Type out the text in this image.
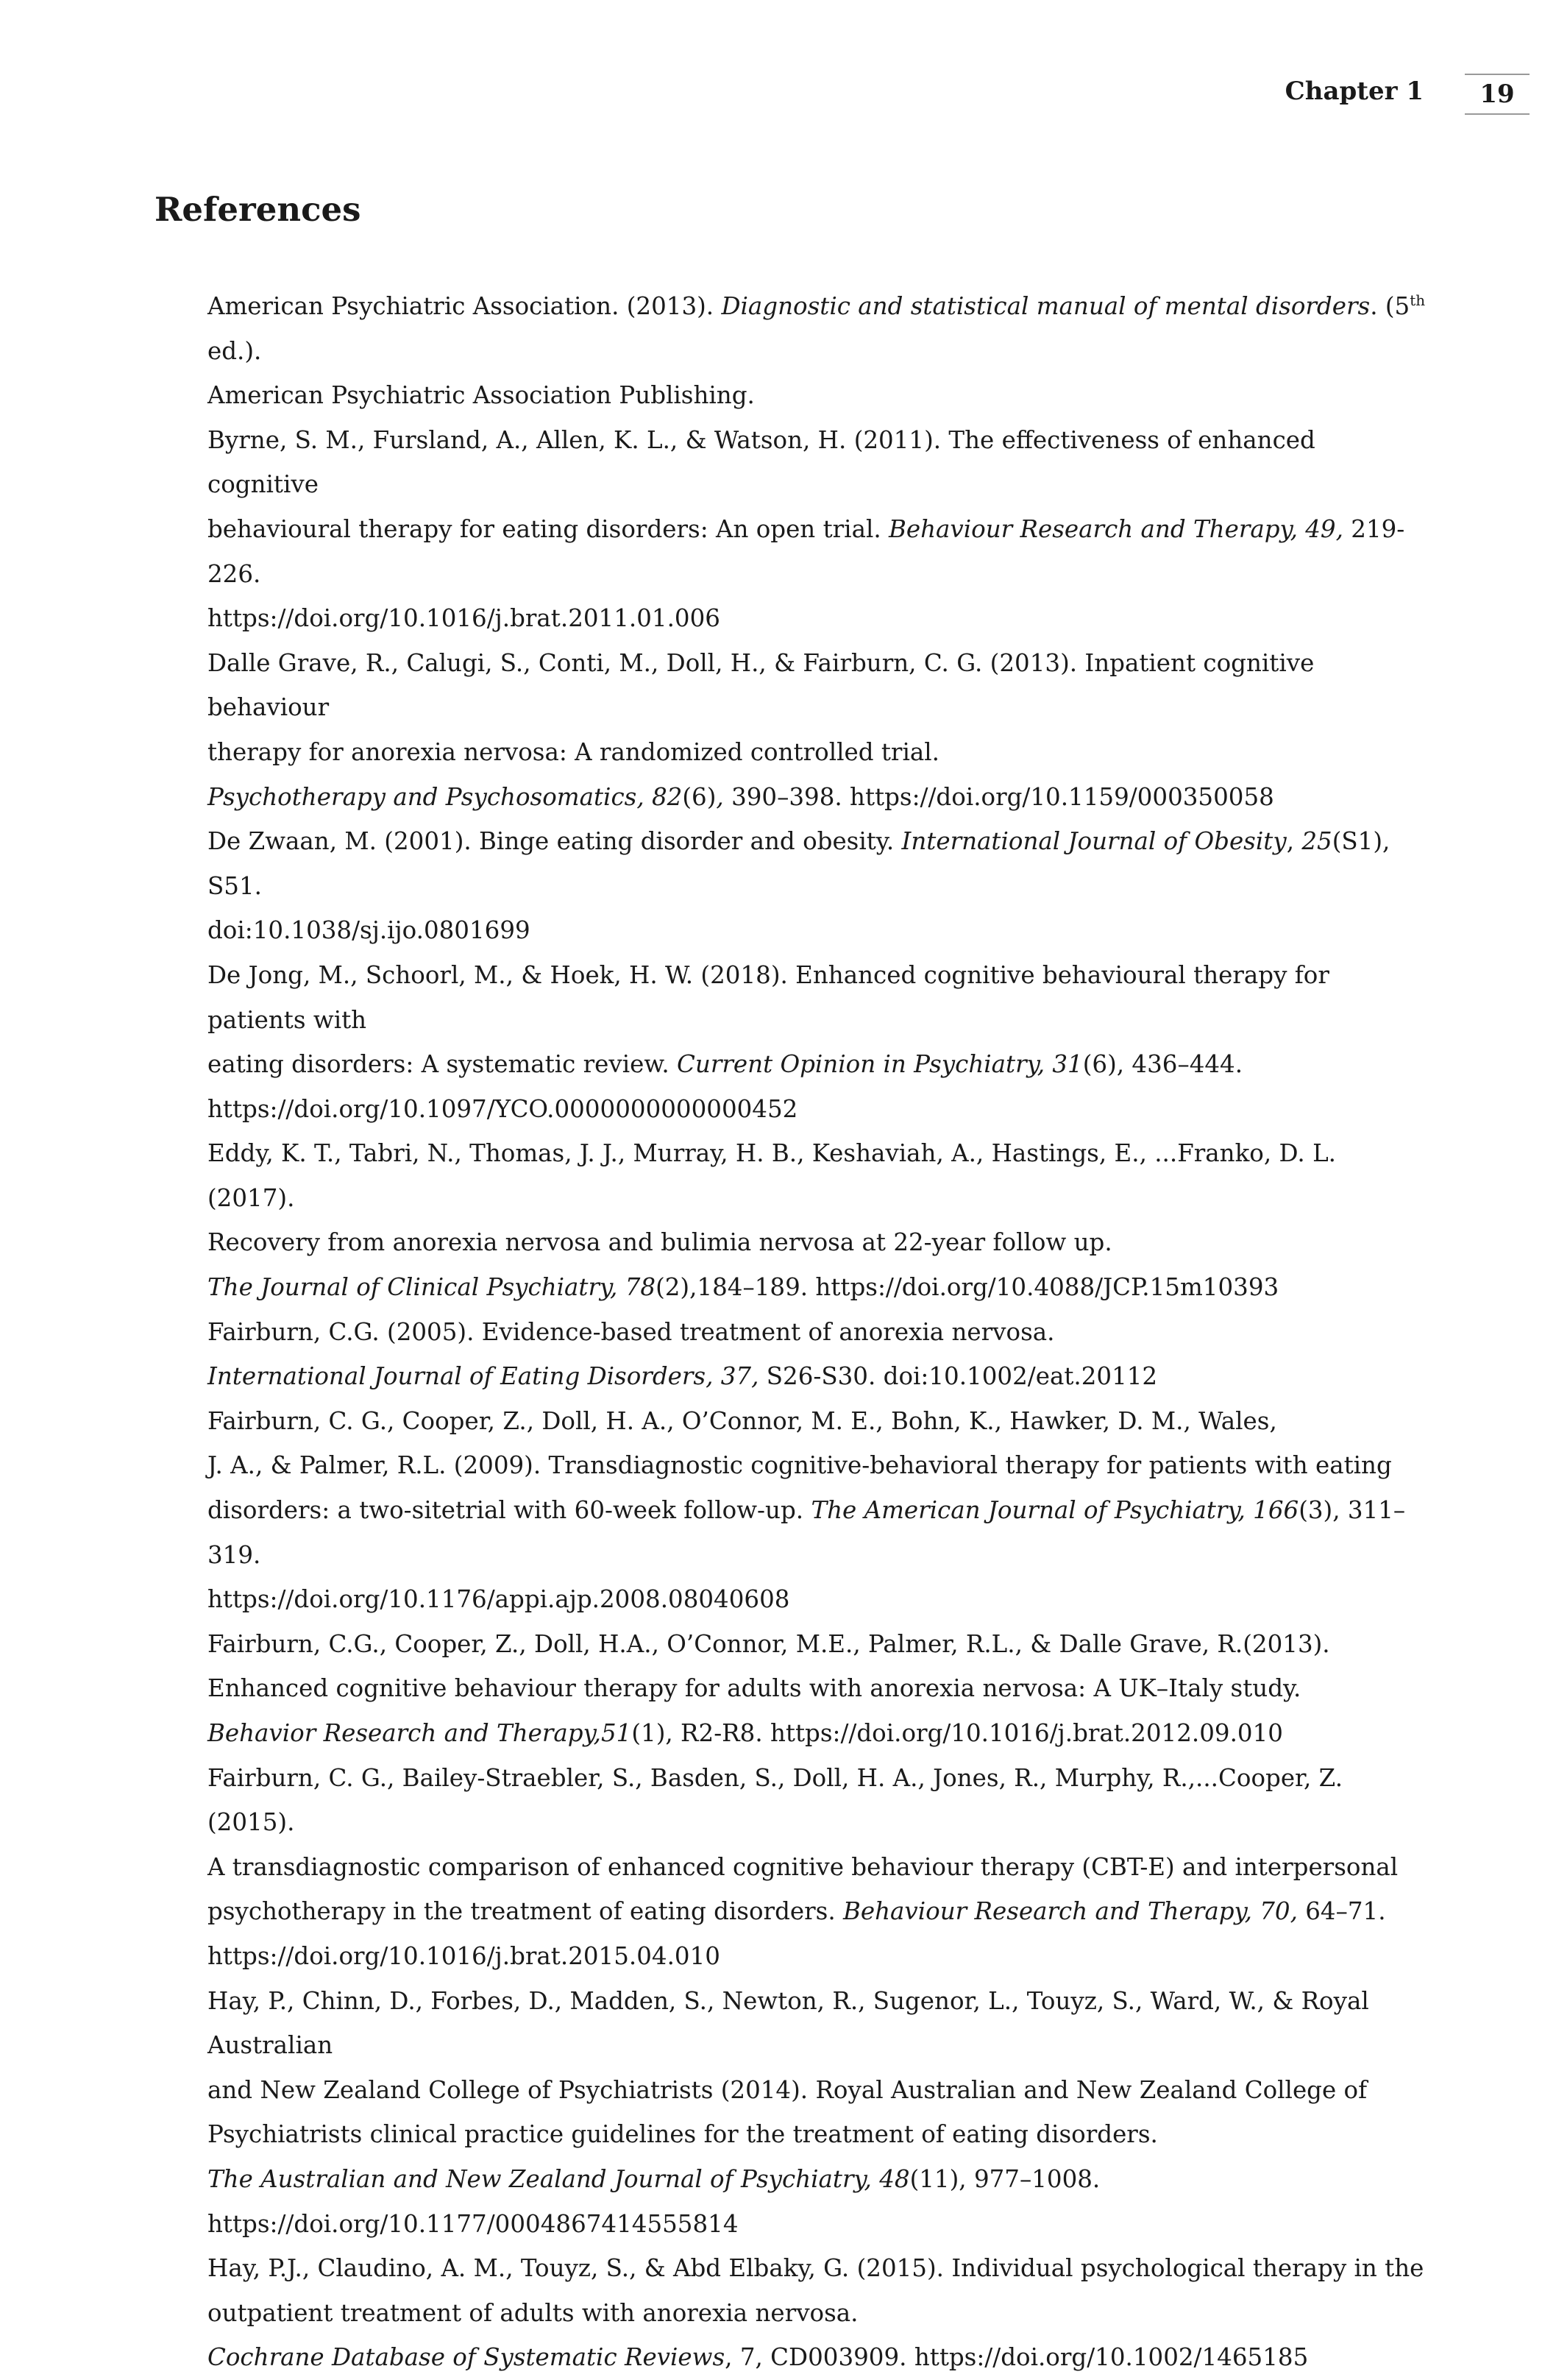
Chapter 1	19
References
American Psychiatric Association. (2013). Diagnostic and statistical manual of mental disorders. (5th ed.).
American Psychiatric Association Publishing.
Byrne, S. M., Fursland, A., Allen, K. L., & Watson, H. (2011). The effectiveness of enhanced cognitive
behavioural therapy for eating disorders: An open trial. Behaviour Research and Therapy, 49, 219-226.
https://doi.org/10.1016/j.brat.2011.01.006
Dalle Grave, R., Calugi, S., Conti, M., Doll, H., & Fairburn, C. G. (2013). Inpatient cognitive behaviour
therapy for anorexia nervosa: A randomized controlled trial.
Psychotherapy and Psychosomatics, 82(6), 390–398. https://doi.org/10.1159/000350058
De Zwaan, M. (2001). Binge eating disorder and obesity. International Journal of Obesity, 25(S1), S51.
doi:10.1038/sj.ijo.0801699
De Jong, M., Schoorl, M., & Hoek, H. W. (2018). Enhanced cognitive behavioural therapy for patients with
eating disorders: A systematic review. Current Opinion in Psychiatry, 31(6), 436–444.
https://doi.org/10.1097/YCO.0000000000000452
Eddy, K. T., Tabri, N., Thomas, J. J., Murray, H. B., Keshaviah, A., Hastings, E., ...Franko, D. L. (2017).
Recovery from anorexia nervosa and bulimia nervosa at 22-year follow up.
The Journal of Clinical Psychiatry, 78(2),184–189. https://doi.org/10.4088/JCP.15m10393
Fairburn, C.G. (2005). Evidence-based treatment of anorexia nervosa.
International Journal of Eating Disorders, 37, S26-S30. doi:10.1002/eat.20112
Fairburn, C. G., Cooper, Z., Doll, H. A., O’Connor, M. E., Bohn, K., Hawker, D. M., Wales,
J. A., & Palmer, R.L. (2009). Transdiagnostic cognitive-behavioral therapy for patients with eating
disorders: a two-sitetrial with 60-week follow-up. The American Journal of Psychiatry, 166(3), 311–319.
https://doi.org/10.1176/appi.ajp.2008.08040608
Fairburn, C.G., Cooper, Z., Doll, H.A., O’Connor, M.E., Palmer, R.L., & Dalle Grave, R.(2013).
Enhanced cognitive behaviour therapy for adults with anorexia nervosa: A UK–Italy study.
Behavior Research and Therapy,51(1), R2-R8. https://doi.org/10.1016/j.brat.2012.09.010
Fairburn, C. G., Bailey-Straebler, S., Basden, S., Doll, H. A., Jones, R., Murphy, R.,...Cooper, Z. (2015).
A transdiagnostic comparison of enhanced cognitive behaviour therapy (CBT-E) and interpersonal
psychotherapy in the treatment of eating disorders. Behaviour Research and Therapy, 70, 64–71.
https://doi.org/10.1016/j.brat.2015.04.010
Hay, P., Chinn, D., Forbes, D., Madden, S., Newton, R., Sugenor, L., Touyz, S., Ward, W., & Royal Australian
and New Zealand College of Psychiatrists (2014). Royal Australian and New Zealand College of
Psychiatrists clinical practice guidelines for the treatment of eating disorders.
The Australian and New Zealand Journal of Psychiatry, 48(11), 977–1008.
https://doi.org/10.1177/0004867414555814
Hay, P.J., Claudino, A. M., Touyz, S., & Abd Elbaky, G. (2015). Individual psychological therapy in the
outpatient treatment of adults with anorexia nervosa.
Cochrane Database of Systematic Reviews, 7, CD003909. https://doi.org/10.1002/1465185
